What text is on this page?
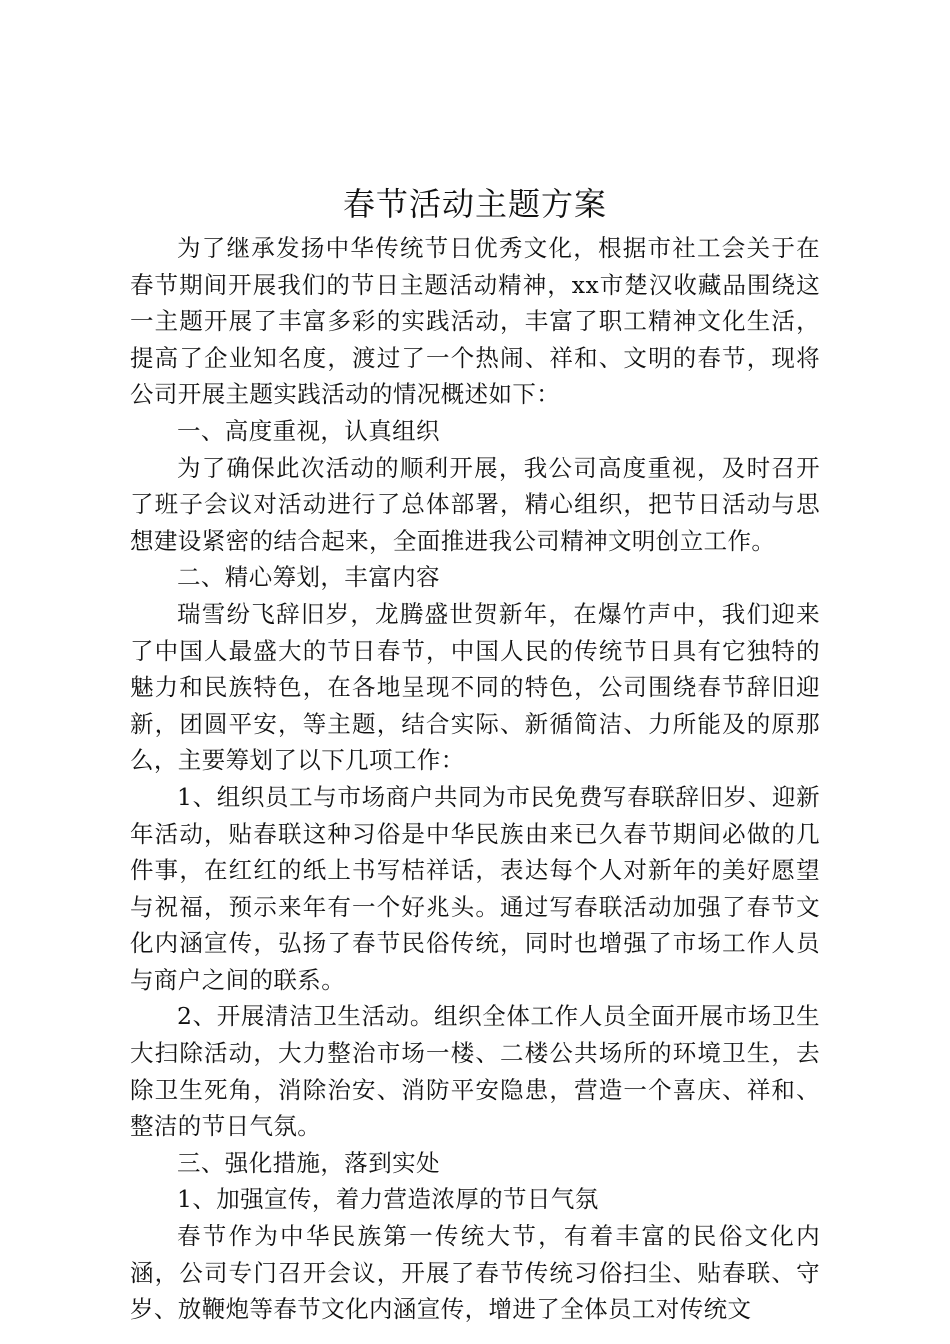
春节活动主题方案

为了继承发扬中华传统节日优秀文化，根据市社工会关于在春节期间开展我们的节日主题活动精神，xx市楚汉收藏品围绕这一主题开展了丰富多彩的实践活动，丰富了职工精神文化生活，提高了企业知名度，渡过了一个热闹、祥和、文明的春节，现将公司开展主题实践活动的情况概述如下：

一、高度重视，认真组织

为了确保此次活动的顺利开展，我公司高度重视，及时召开了班子会议对活动进行了总体部署，精心组织，把节日活动与思想建设紧密的结合起来，全面推进我公司精神文明创立工作。

二、精心筹划，丰富内容

瑞雪纷飞辞旧岁，龙腾盛世贺新年，在爆竹声中，我们迎来了中国人最盛大的节日春节，中国人民的传统节日具有它独特的魅力和民族特色，在各地呈现不同的特色，公司围绕春节辞旧迎新，团圆平安，等主题，结合实际、新循简洁、力所能及的原那么，主要筹划了以下几项工作：

1、组织员工与市场商户共同为市民免费写春联辞旧岁、迎新年活动，贴春联这种习俗是中华民族由来已久春节期间必做的几件事，在红红的纸上书写桔祥话，表达每个人对新年的美好愿望与祝福，预示来年有一个好兆头。通过写春联活动加强了春节文化内涵宣传，弘扬了春节民俗传统，同时也增强了市场工作人员与商户之间的联系。

2、开展清洁卫生活动。组织全体工作人员全面开展市场卫生大扫除活动，大力整治市场一楼、二楼公共场所的环境卫生，去除卫生死角，消除治安、消防平安隐患，营造一个喜庆、祥和、整洁的节日气氛。

三、强化措施，落到实处

1、加强宣传，着力营造浓厚的节日气氛

春节作为中华民族第一传统大节，有着丰富的民俗文化内涵，公司专门召开会议，开展了春节传统习俗扫尘、贴春联、守岁、放鞭炮等春节文化内涵宣传，增进了全体员工对传统文
